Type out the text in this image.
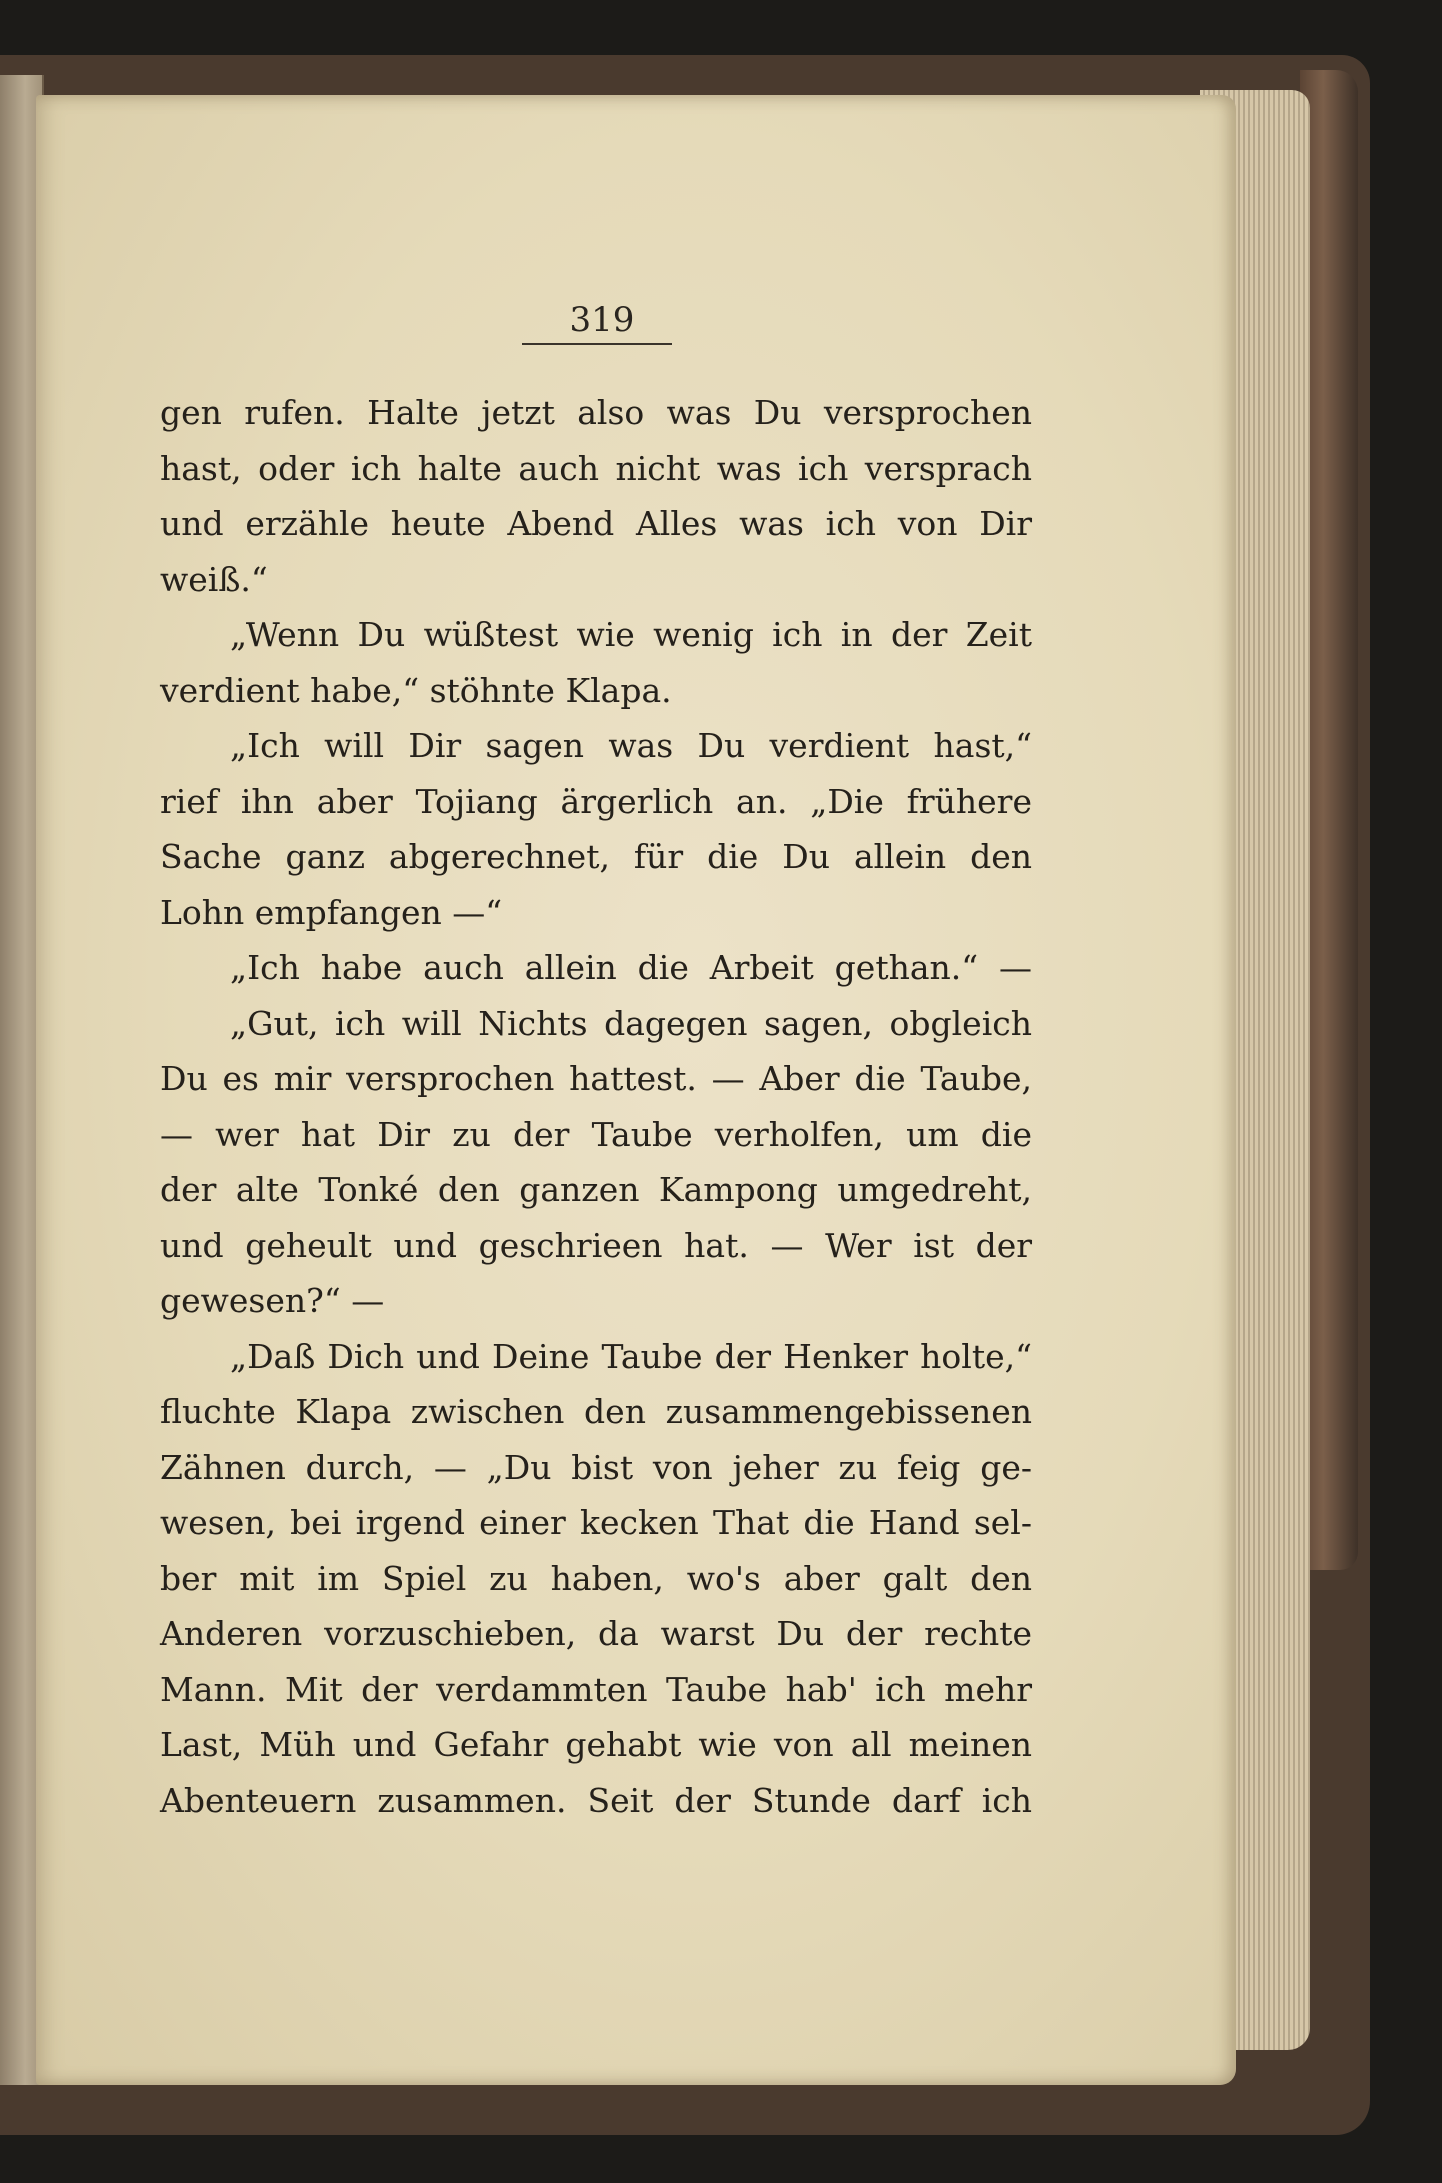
319
gen rufen. Halte jetzt also was Du versprochen
hast, oder ich halte auch nicht was ich versprach
und erzähle heute Abend Alles was ich von Dir
weiß.“
„Wenn Du wüßtest wie wenig ich in der Zeit
verdient habe,“ stöhnte Klapa.
„Ich will Dir sagen was Du verdient hast,“
rief ihn aber Tojiang ärgerlich an. „Die frühere
Sache ganz abgerechnet, für die Du allein den
Lohn empfangen —“
„Ich habe auch allein die Arbeit gethan.“ —
„Gut, ich will Nichts dagegen sagen, obgleich
Du es mir versprochen hattest. — Aber die Taube,
— wer hat Dir zu der Taube verholfen, um die
der alte Tonké den ganzen Kampong umgedreht,
und geheult und geschrieen hat. — Wer ist der
gewesen?“ —
„Daß Dich und Deine Taube der Henker holte,“
fluchte Klapa zwischen den zusammengebissenen
Zähnen durch, — „Du bist von jeher zu feig ge-
wesen, bei irgend einer kecken That die Hand sel-
ber mit im Spiel zu haben, wo's aber galt den
Anderen vorzuschieben, da warst Du der rechte
Mann. Mit der verdammten Taube hab' ich mehr
Last, Müh und Gefahr gehabt wie von all meinen
Abenteuern zusammen. Seit der Stunde darf ich
